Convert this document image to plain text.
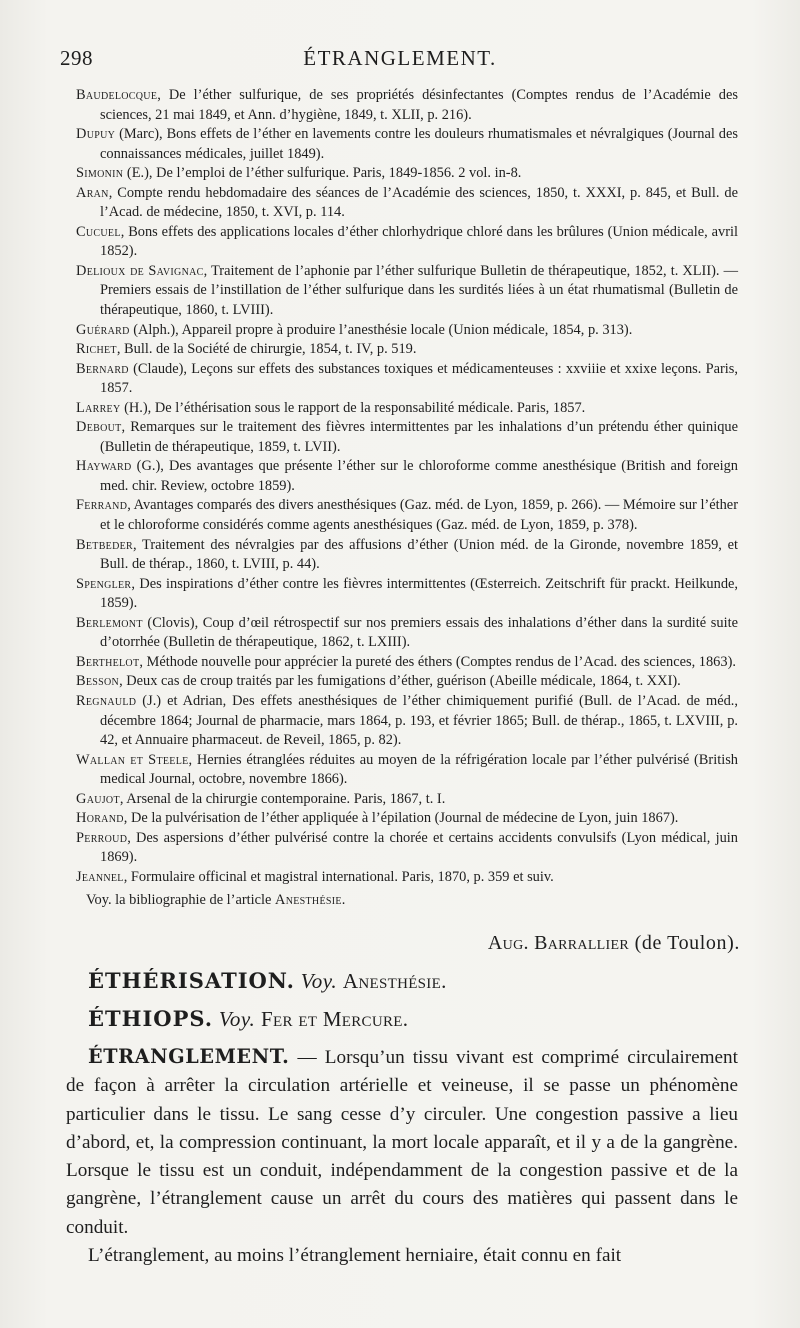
298	ÉTRANGLEMENT.
Baudelocque, De l’éther sulfurique, de ses propriétés désinfectantes (Comptes rendus de l’Académie des sciences, 21 mai 1849, et Ann. d’hygiène, 1849, t. XLII, p. 216).
Dupuy (Marc), Bons effets de l’éther en lavements contre les douleurs rhumatismales et névralgiques (Journal des connaissances médicales, juillet 1849).
Simonin (E.), De l’emploi de l’éther sulfurique. Paris, 1849-1856. 2 vol. in-8.
Aran, Compte rendu hebdomadaire des séances de l’Académie des sciences, 1850, t. XXXI, p. 845, et Bull. de l’Acad. de médecine, 1850, t. XVI, p. 114.
Cucuel, Bons effets des applications locales d’éther chlorhydrique chloré dans les brûlures (Union médicale, avril 1852).
Delioux de Savignac, Traitement de l’aphonie par l’éther sulfurique Bulletin de thérapeutique, 1852, t. XLII). — Premiers essais de l’instillation de l’éther sulfurique dans les surdités liées à un état rhumatismal (Bulletin de thérapeutique, 1860, t. LVIII).
Guérard (Alph.), Appareil propre à produire l’anesthésie locale (Union médicale, 1854, p. 313).
Richet, Bull. de la Société de chirurgie, 1854, t. IV, p. 519.
Bernard (Claude), Leçons sur effets des substances toxiques et médicamenteuses : xxviiie et xxixe leçons. Paris, 1857.
Larrey (H.), De l’éthérisation sous le rapport de la responsabilité médicale. Paris, 1857.
Debout, Remarques sur le traitement des fièvres intermittentes par les inhalations d’un prétendu éther quinique (Bulletin de thérapeutique, 1859, t. LVII).
Hayward (G.), Des avantages que présente l’éther sur le chloroforme comme anesthésique (British and foreign med. chir. Review, octobre 1859).
Ferrand, Avantages comparés des divers anesthésiques (Gaz. méd. de Lyon, 1859, p. 266). — Mémoire sur l’éther et le chloroforme considérés comme agents anesthésiques (Gaz. méd. de Lyon, 1859, p. 378).
Betbeder, Traitement des névralgies par des affusions d’éther (Union méd. de la Gironde, novembre 1859, et Bull. de thérap., 1860, t. LVIII, p. 44).
Spengler, Des inspirations d’éther contre les fièvres intermittentes (Œsterreich. Zeitschrift für prackt. Heilkunde, 1859).
Berlemont (Clovis), Coup d’œil rétrospectif sur nos premiers essais des inhalations d’éther dans la surdité suite d’otorrhée (Bulletin de thérapeutique, 1862, t. LXIII).
Berthelot, Méthode nouvelle pour apprécier la pureté des éthers (Comptes rendus de l’Acad. des sciences, 1863).
Besson, Deux cas de croup traités par les fumigations d’éther, guérison (Abeille médicale, 1864, t. XXI).
Regnauld (J.) et Adrian, Des effets anesthésiques de l’éther chimiquement purifié (Bull. de l’Acad. de méd., décembre 1864; Journal de pharmacie, mars 1864, p. 193, et février 1865; Bull. de thérap., 1865, t. LXVIII, p. 42, et Annuaire pharmaceut. de Reveil, 1865, p. 82).
Wallan et Steele, Hernies étranglées réduites au moyen de la réfrigération locale par l’éther pulvérisé (British medical Journal, octobre, novembre 1866).
Gaujot, Arsenal de la chirurgie contemporaine. Paris, 1867, t. I.
Horand, De la pulvérisation de l’éther appliquée à l’épilation (Journal de médecine de Lyon, juin 1867).
Perroud, Des aspersions d’éther pulvérisé contre la chorée et certains accidents convulsifs (Lyon médical, juin 1869).
Jeannel, Formulaire officinal et magistral international. Paris, 1870, p. 359 et suiv.
Voy. la bibliographie de l’article Anesthésie.
Aug. Barrallier (de Toulon).
ÉTHÉRISATION. Voy. Anesthésie.
ÉTHIOPS. Voy. Fer et Mercure.

ÉTRANGLEMENT. — Lorsqu’un tissu vivant est comprimé circulairement de façon à arrêter la circulation artérielle et veineuse, il se passe un phénomène particulier dans le tissu. Le sang cesse d’y circuler. Une congestion passive a lieu d’abord, et, la compression continuant, la mort locale apparaît, et il y a de la gangrène. Lorsque le tissu est un conduit, indépendamment de la congestion passive et de la gangrène, l’étranglement cause un arrêt du cours des matières qui passent dans le conduit.

L’étranglement, au moins l’étranglement herniaire, était connu en fait
